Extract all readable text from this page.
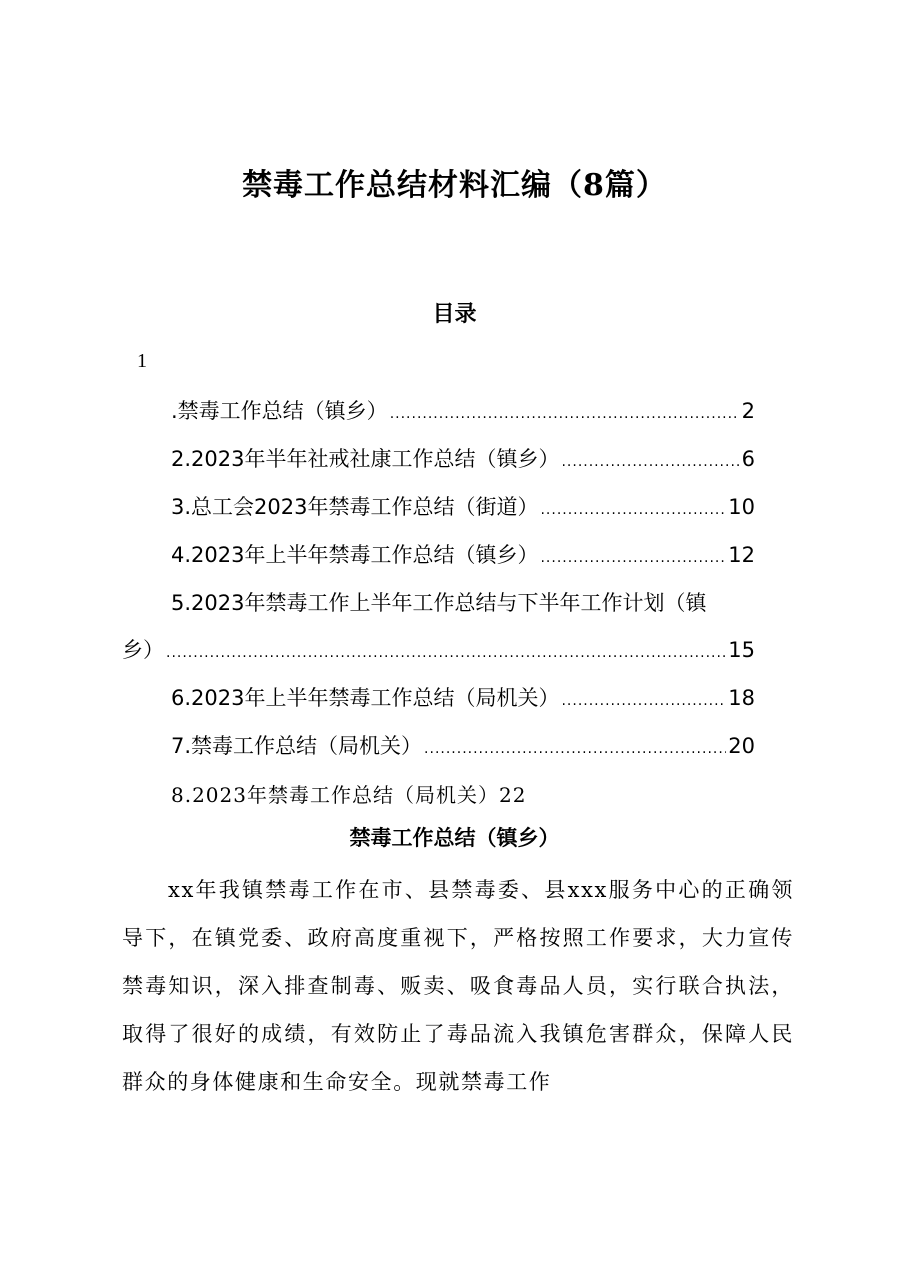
禁毒工作总结材料汇编（8篇）
目录
1
.禁毒工作总结（镇乡） .....	2
2.2023年半年社戒社康工作总结（镇乡） .....	6
3.总工会2023年禁毒工作总结（街道） .....	10
4.2023年上半年禁毒工作总结（镇乡） .....	12
5.2023年禁毒工作上半年工作总结与下半年工作计划（镇
乡） .....	15
6.2023年上半年禁毒工作总结（局机关） .....	18
7.禁毒工作总结（局机关） .....	20
8.2023年禁毒工作总结（局机关）22
禁毒工作总结（镇乡）

xx年我镇禁毒工作在市、县禁毒委、县xxx服务中心的正确领导下，在镇党委、政府高度重视下，严格按照工作要求，大力宣传禁毒知识，深入排查制毒、贩卖、吸食毒品人员，实行联合执法，取得了很好的成绩，有效防止了毒品流入我镇危害群众，保障人民群众的身体健康和生命安全。现就禁毒工作
